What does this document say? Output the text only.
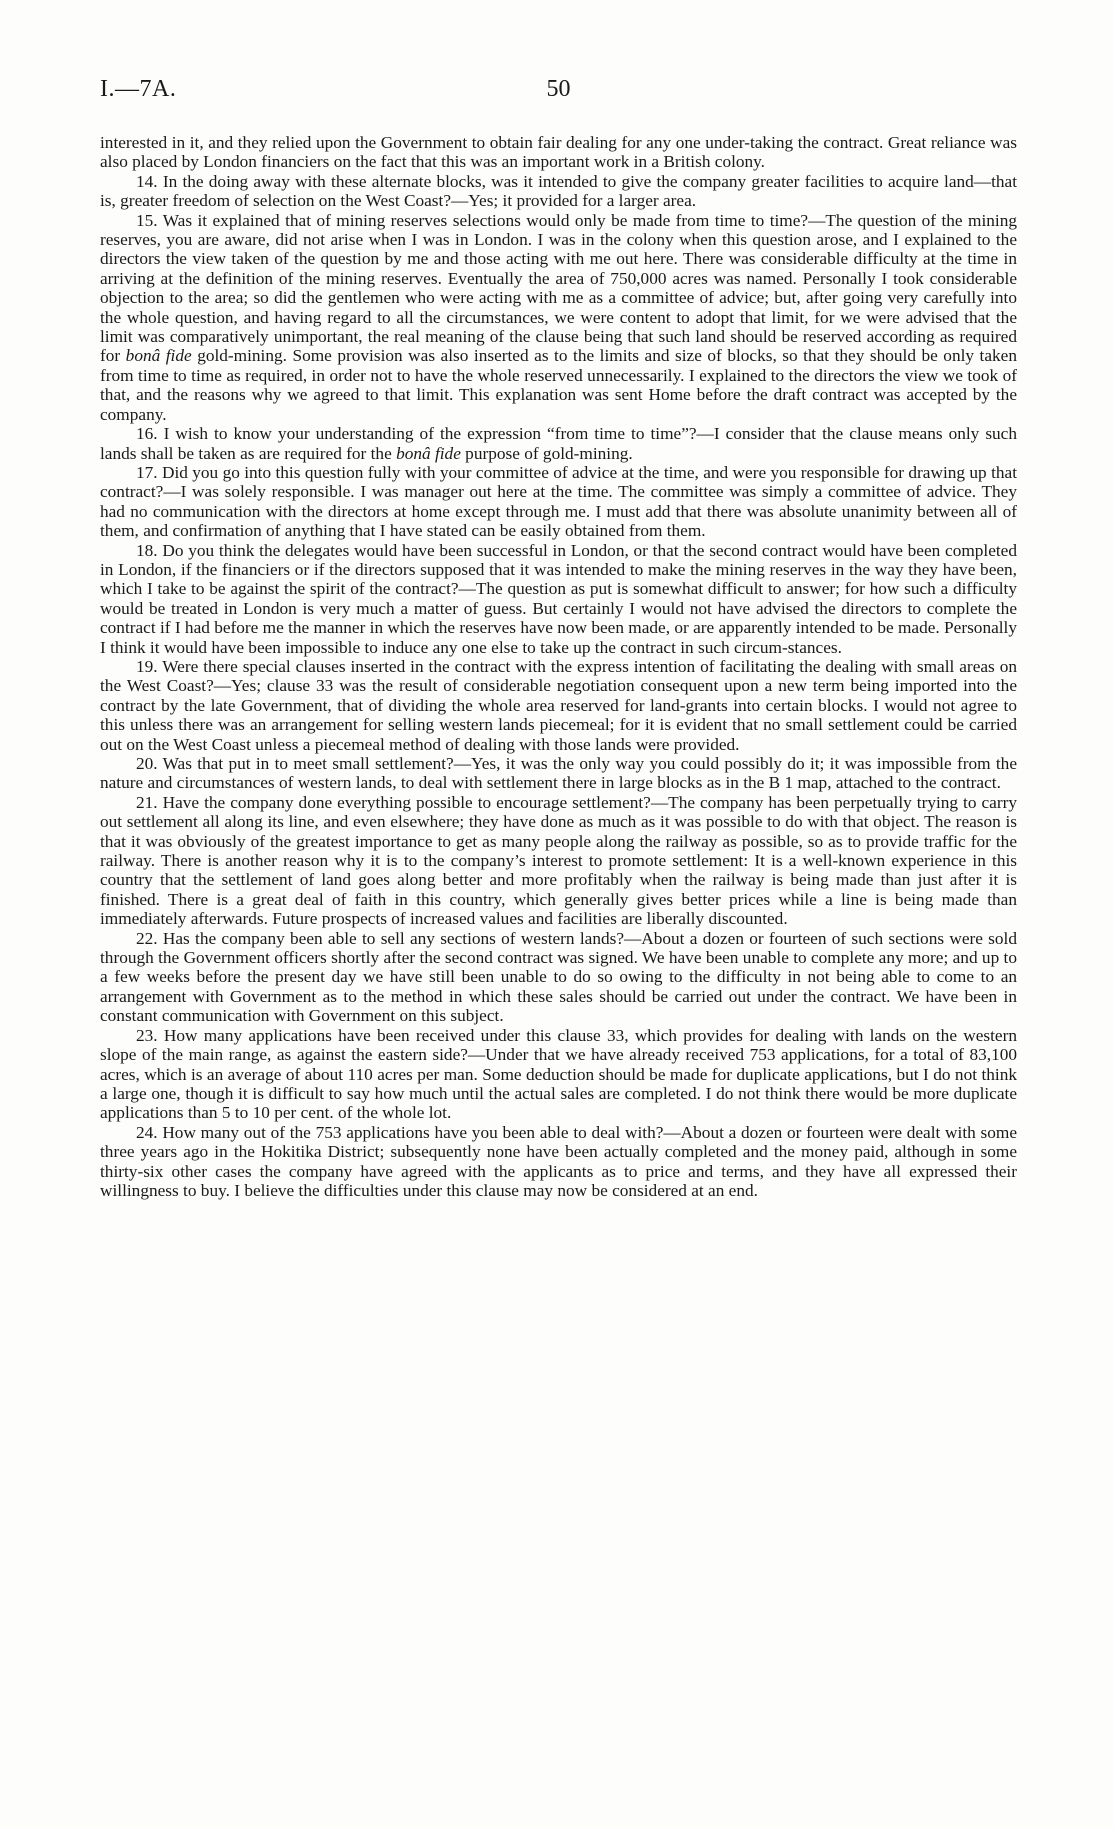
I.—7A.	50

interested in it, and they relied upon the Government to obtain fair dealing for any one under-taking the contract. Great reliance was also placed by London financiers on the fact that this was an important work in a British colony.

14. In the doing away with these alternate blocks, was it intended to give the company greater facilities to acquire land—that is, greater freedom of selection on the West Coast?—Yes; it provided for a larger area.

15. Was it explained that of mining reserves selections would only be made from time to time?—The question of the mining reserves, you are aware, did not arise when I was in London. I was in the colony when this question arose, and I explained to the directors the view taken of the question by me and those acting with me out here. There was considerable difficulty at the time in arriving at the definition of the mining reserves. Eventually the area of 750,000 acres was named. Personally I took considerable objection to the area; so did the gentlemen who were acting with me as a committee of advice; but, after going very carefully into the whole question, and having regard to all the circumstances, we were content to adopt that limit, for we were advised that the limit was comparatively unimportant, the real meaning of the clause being that such land should be reserved according as required for bonâ fide gold-mining. Some provision was also inserted as to the limits and size of blocks, so that they should be only taken from time to time as required, in order not to have the whole reserved unnecessarily. I explained to the directors the view we took of that, and the reasons why we agreed to that limit. This explanation was sent Home before the draft contract was accepted by the company.

16. I wish to know your understanding of the expression “from time to time”?—I consider that the clause means only such lands shall be taken as are required for the bonâ fide purpose of gold-mining.

17. Did you go into this question fully with your committee of advice at the time, and were you responsible for drawing up that contract?—I was solely responsible. I was manager out here at the time. The committee was simply a committee of advice. They had no communication with the directors at home except through me. I must add that there was absolute unanimity between all of them, and confirmation of anything that I have stated can be easily obtained from them.

18. Do you think the delegates would have been successful in London, or that the second contract would have been completed in London, if the financiers or if the directors supposed that it was intended to make the mining reserves in the way they have been, which I take to be against the spirit of the contract?—The question as put is somewhat difficult to answer; for how such a difficulty would be treated in London is very much a matter of guess. But certainly I would not have advised the directors to complete the contract if I had before me the manner in which the reserves have now been made, or are apparently intended to be made. Personally I think it would have been impossible to induce any one else to take up the contract in such circum-stances.

19. Were there special clauses inserted in the contract with the express intention of facilitating the dealing with small areas on the West Coast?—Yes; clause 33 was the result of considerable negotiation consequent upon a new term being imported into the contract by the late Government, that of dividing the whole area reserved for land-grants into certain blocks. I would not agree to this unless there was an arrangement for selling western lands piecemeal; for it is evident that no small settlement could be carried out on the West Coast unless a piecemeal method of dealing with those lands were provided.

20. Was that put in to meet small settlement?—Yes, it was the only way you could possibly do it; it was impossible from the nature and circumstances of western lands, to deal with settlement there in large blocks as in the B 1 map, attached to the contract.

21. Have the company done everything possible to encourage settlement?—The company has been perpetually trying to carry out settlement all along its line, and even elsewhere; they have done as much as it was possible to do with that object. The reason is that it was obviously of the greatest importance to get as many people along the railway as possible, so as to provide traffic for the railway. There is another reason why it is to the company’s interest to promote settlement: It is a well-known experience in this country that the settlement of land goes along better and more profitably when the railway is being made than just after it is finished. There is a great deal of faith in this country, which generally gives better prices while a line is being made than immediately afterwards. Future prospects of increased values and facilities are liberally discounted.

22. Has the company been able to sell any sections of western lands?—About a dozen or fourteen of such sections were sold through the Government officers shortly after the second contract was signed. We have been unable to complete any more; and up to a few weeks before the present day we have still been unable to do so owing to the difficulty in not being able to come to an arrangement with Government as to the method in which these sales should be carried out under the contract. We have been in constant communication with Government on this subject.

23. How many applications have been received under this clause 33, which provides for dealing with lands on the western slope of the main range, as against the eastern side?—Under that we have already received 753 applications, for a total of 83,100 acres, which is an average of about 110 acres per man. Some deduction should be made for duplicate applications, but I do not think a large one, though it is difficult to say how much until the actual sales are completed. I do not think there would be more duplicate applications than 5 to 10 per cent. of the whole lot.

24. How many out of the 753 applications have you been able to deal with?—About a dozen or fourteen were dealt with some three years ago in the Hokitika District; subsequently none have been actually completed and the money paid, although in some thirty-six other cases the company have agreed with the applicants as to price and terms, and they have all expressed their willingness to buy. I believe the difficulties under this clause may now be considered at an end.
